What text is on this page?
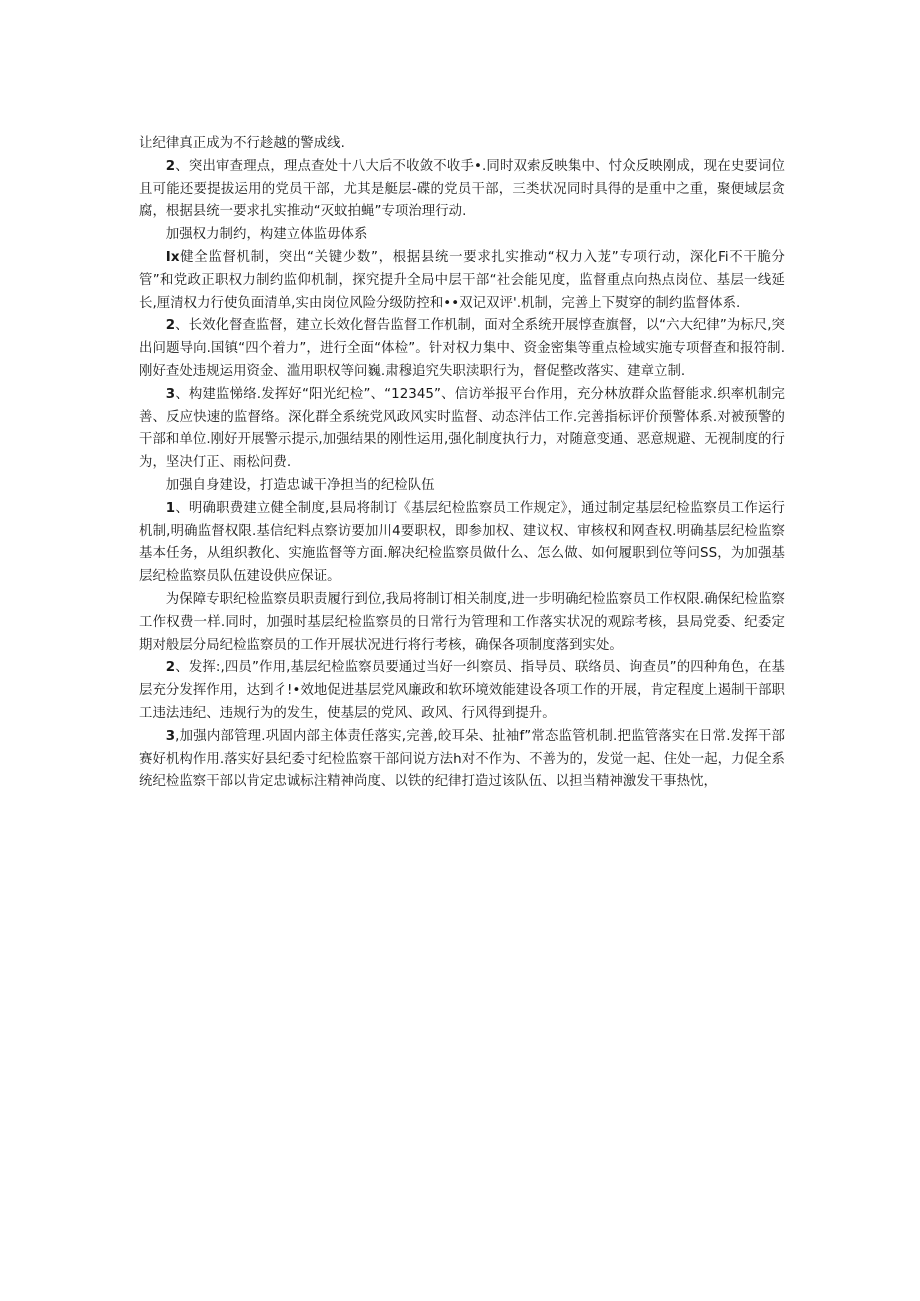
让纪律真正成为不行趁越的警成线.

2、突出审查理点，理点查处十八大后不收敛不收手•.同时双索反映集中、忖众反映刚成，现在史要词位且可能还要提拔运用的党员干部，尤其是艇层-碟的党员干部，三类状况同时具得的是重中之重，聚便域层贪腐，根据县统一要求扎实推动“灭蚊拍蝇”专项治理行动.

加强权力制约，构建立体监毋体系

Ix健全监督机制，突出“关键少数”，根据县统一要求扎实推动“权力入茏”专项行动，深化Fi不干脆分管”和党政正职权力制约监仰机制，探究提升全局中层干部“社会能见度，监督重点向热点岗位、基层一线延长,厘清权力行使负面清单,实由岗位风险分级防控和••双记双评'.机制，完善上下熨穿的制约监督体系.

2、长效化督查监督，建立长效化督告监督工作机制，面对全系统开展惇查旗督，以“六大纪律”为标尺,突出问题导向.国镇“四个着力”，进行全面“体检”。针对权力集中、资金密集等重点检域实施专项督查和报符制.刚好查处违规运用资金、滥用职权等问巍.肃穆追究失职渎职行为，督促整改落实、建章立制.

3、构建监悌络.发挥好“阳光纪检”、“12345”、信访举报平台作用，充分林放群众监督能求.织率机制完善、反应快速的监督络。深化群全系统党风政风实时监督、动态泮估工作.完善指标评价预警体系.对被预警的干部和单位.刚好开展警示提示,加强结果的刚性运用,强化制度执行力，对随意变通、恶意规避、无视制度的行为，坚决仃正、雨松问费.

加强自身建设，打造忠诚干净担当的纪检队伍

1、明确职费建立健全制度,县局将制订《基层纪检监察员工作规定》，通过制定基层纪检监察员工作运行机制,明确监督权限.基信纪料点察访要加川4要职权，即参加权、建议权、审核权和网查权.明确基层纪检监察基本任务，从组织教化、实施监督等方面.解决纪检监察员做什么、怎么做、如何履职到位等问SS，为加强基层纪检监察员队伍建设供应保证。

为保障专职纪检监察员职责履行到位,我局将制订相关制度,进一步明确纪检监察员工作权限.确保纪检监察工作权费一样.同时，加强时基层纪检监察员的日常行为管理和工作落实状况的观踪考核，县局党委、纪委定期对般层分局纪检监察员的工作开展状况进行将行考核，确保各项制度落到实处。

2、发挥:,四员”作用,基层纪检监察员要通过当好一纠察员、指导员、联络员、询查员”的四种角色，在基层充分发挥作用，达到彳!•效地促进基层党风廉政和软环境效能建设各项工作的开展，肯定程度上遏制干部职工违法违纪、违规行为的发生，使基层的党风、政风、行风得到提升。

3,加强内部管理.巩固内部主体责任落实,完善,皎耳朵、扯袖f”常态监管机制.把监管落实在日常.发挥干部赛好机构作用.落实好县纪委寸纪检监察干部问说方法h对不作为、不善为的，发觉一起、住处一起，力促全系统纪检监察干部以肯定忠诚标注精神尚度、以铁的纪律打造过该队伍、以担当精神激发干事热忱，
